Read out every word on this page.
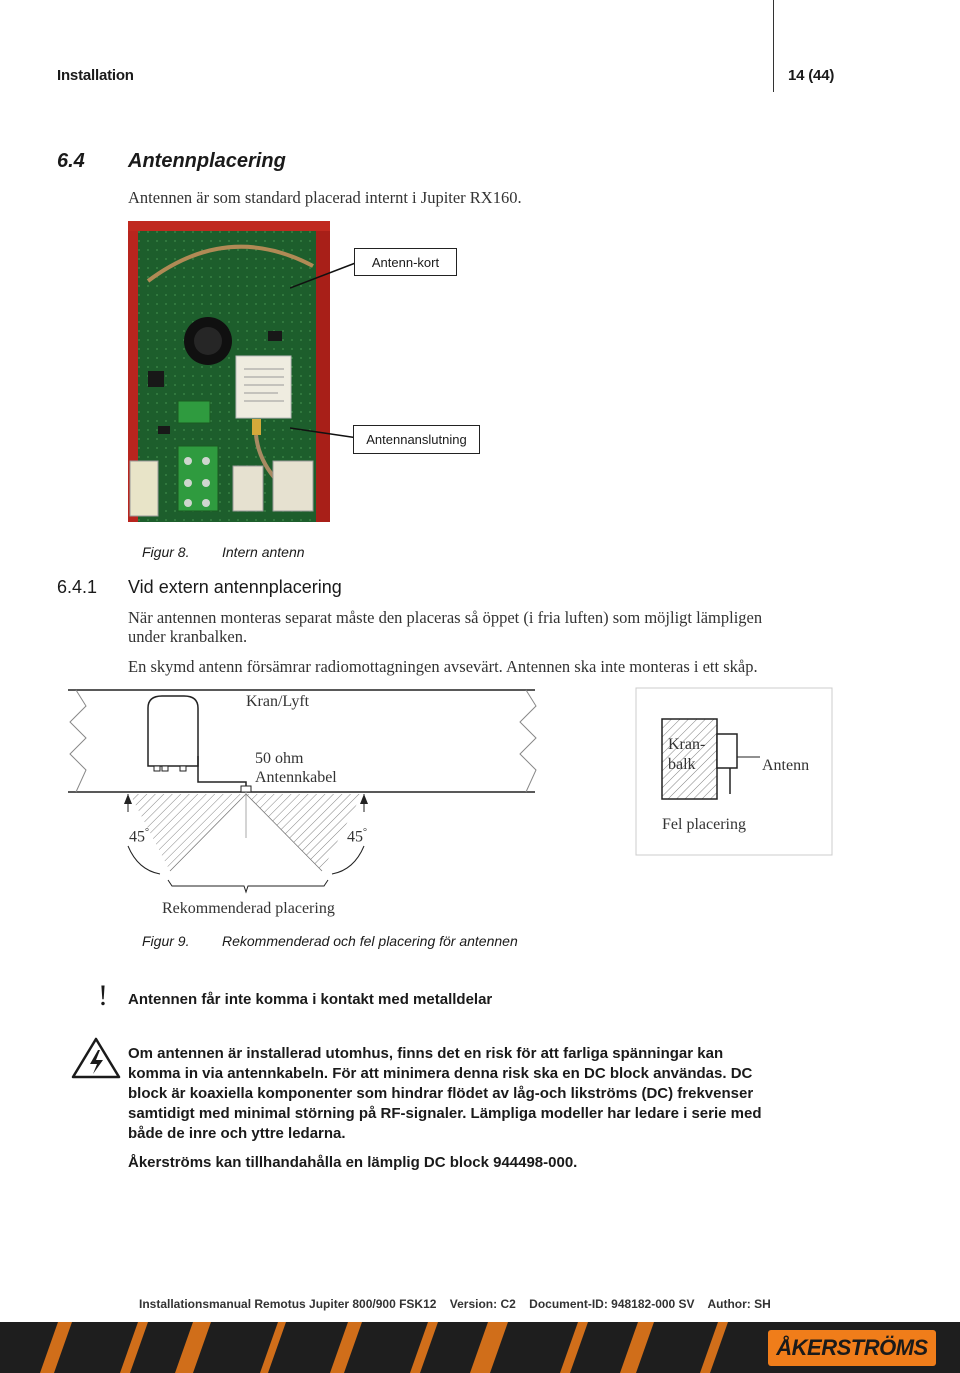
Installation	14 (44)
6.4 Antennplacering
Antennen är som standard placerad internt i Jupiter RX160.
Antenn-kort
Antennanslutning
Figur 8. Intern antenn
6.4.1 Vid extern antennplacering
När antennen monteras separat måste den placeras så öppet (i fria luften) som möjligt lämpligen
under kranbalken.
En skymd antenn försämrar radiomottagningen avsevärt. Antennen ska inte monteras i ett skåp.
Kran/Lyft
50 ohm
Antennkabel
45°	45°
Rekommenderad placering
Kran-
balk	Antenn
Fel placering
Figur 9. Rekommenderad och fel placering för antennen
! Antennen får inte komma i kontakt med metalldelar
Om antennen är installerad utomhus, finns det en risk för att farliga spänningar kan
komma in via antennkabeln. För att minimera denna risk ska en DC block användas. DC
block är koaxiella komponenter som hindrar flödet av låg-och likströms (DC) frekvenser
samtidigt med minimal störning på RF-signaler. Lämpliga modeller har ledare i serie med
både de inre och yttre ledarna.
Åkerströms kan tillhandahålla en lämplig DC block 944498-000.
Installationsmanual Remotus Jupiter 800/900 FSK12 Version: C2 Document-ID: 948182-000 SV Author: SH
ÅKERSTRÖMS
